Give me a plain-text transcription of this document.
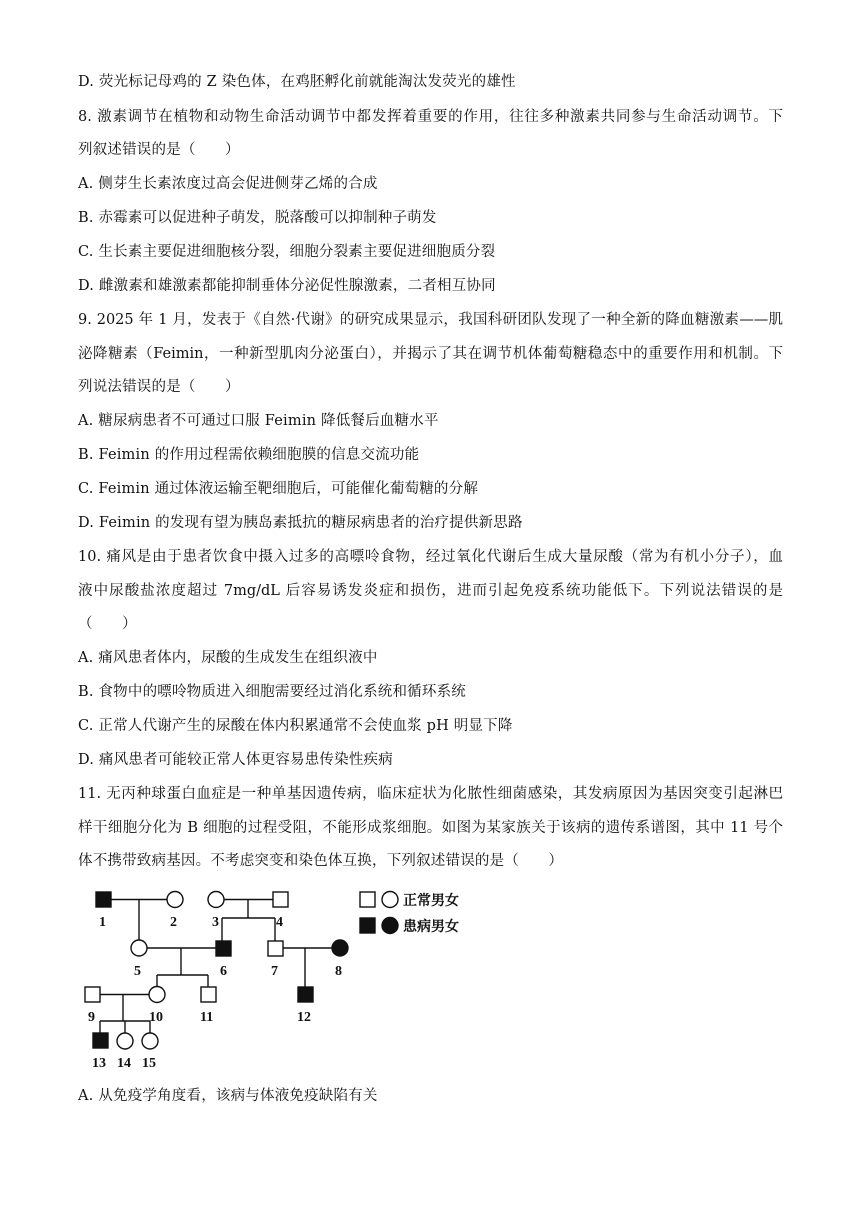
D. 荧光标记母鸡的 Z 染色体，在鸡胚孵化前就能淘汰发荧光的雄性
8. 激素调节在植物和动物生命活动调节中都发挥着重要的作用，往往多种激素共同参与生命活动调节。下
列叙述错误的是（　　）
A. 侧芽生长素浓度过高会促进侧芽乙烯的合成
B. 赤霉素可以促进种子萌发，脱落酸可以抑制种子萌发
C. 生长素主要促进细胞核分裂，细胞分裂素主要促进细胞质分裂
D. 雌激素和雄激素都能抑制垂体分泌促性腺激素，二者相互协同
9. 2025 年 1 月，发表于《自然·代谢》的研究成果显示，我国科研团队发现了一种全新的降血糖激素——肌
泌降糖素（Feimin，一种新型肌肉分泌蛋白），并揭示了其在调节机体葡萄糖稳态中的重要作用和机制。下
列说法错误的是（　　）
A. 糖尿病患者不可通过口服 Feimin 降低餐后血糖水平
B. Feimin 的作用过程需依赖细胞膜的信息交流功能
C. Feimin 通过体液运输至靶细胞后，可能催化葡萄糖的分解
D. Feimin 的发现有望为胰岛素抵抗的糖尿病患者的治疗提供新思路
10. 痛风是由于患者饮食中摄入过多的高嘌呤食物，经过氧化代谢后生成大量尿酸（常为有机小分子），血
液中尿酸盐浓度超过 7mg/dL 后容易诱发炎症和损伤，进而引起免疫系统功能低下。下列说法错误的是
（　　）
A. 痛风患者体内，尿酸的生成发生在组织液中
B. 食物中的嘌呤物质进入细胞需要经过消化系统和循环系统
C. 正常人代谢产生的尿酸在体内积累通常不会使血浆 pH 明显下降
D. 痛风患者可能较正常人体更容易患传染性疾病
11. 无丙种球蛋白血症是一种单基因遗传病，临床症状为化脓性细菌感染，其发病原因为基因突变引起淋巴
样干细胞分化为 B 细胞的过程受阻，不能形成浆细胞。如图为某家族关于该病的遗传系谱图，其中 11 号个
体不携带致病基因。不考虑突变和染色体互换，下列叙述错误的是（　　）
1	2	3	4
5	6	7	8
9	10	11	12
13 14 15
正常男女
患病男女
A. 从免疫学角度看，该病与体液免疫缺陷有关
